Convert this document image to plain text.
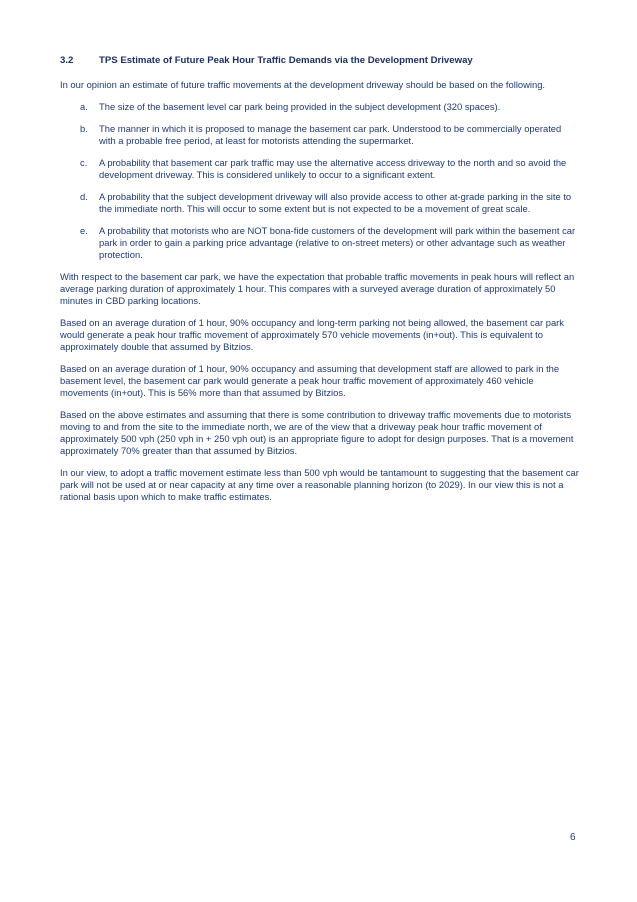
3.2	TPS Estimate of Future Peak Hour Traffic Demands via the Development Driveway

In our opinion an estimate of future traffic movements at the development driveway should be based on the following.

a.	The size of the basement level car park being provided in the subject development (320 spaces).
b.	The manner in which it is proposed to manage the basement car park. Understood to be commercially operated with a probable free period, at least for motorists attending the supermarket.
c.	A probability that basement car park traffic may use the alternative access driveway to the north and so avoid the development driveway. This is considered unlikely to occur to a significant extent.
d.	A probability that the subject development driveway will also provide access to other at-grade parking in the site to the immediate north. This will occur to some extent but is not expected to be a movement of great scale.
e.	A probability that motorists who are NOT bona-fide customers of the development will park within the basement car park in order to gain a parking price advantage (relative to on-street meters) or other advantage such as weather protection.

With respect to the basement car park, we have the expectation that probable traffic movements in peak hours will reflect an average parking duration of approximately 1 hour. This compares with a surveyed average duration of approximately 50 minutes in CBD parking locations.

Based on an average duration of 1 hour, 90% occupancy and long-term parking not being allowed, the basement car park would generate a peak hour traffic movement of approximately 570 vehicle movements (in+out). This is equivalent to approximately double that assumed by Bitzios.

Based on an average duration of 1 hour, 90% occupancy and assuming that development staff are allowed to park in the basement level, the basement car park would generate a peak hour traffic movement of approximately 460 vehicle movements (in+out). This is 56% more than that assumed by Bitzios.

Based on the above estimates and assuming that there is some contribution to driveway traffic movements due to motorists moving to and from the site to the immediate north, we are of the view that a driveway peak hour traffic movement of approximately 500 vph (250 vph in + 250 vph out) is an appropriate figure to adopt for design purposes. That is a movement approximately 70% greater than that assumed by Bitzios.

In our view, to adopt a traffic movement estimate less than 500 vph would be tantamount to suggesting that the basement car park will not be used at or near capacity at any time over a reasonable planning horizon (to 2029). In our view this is not a rational basis upon which to make traffic estimates.

6
